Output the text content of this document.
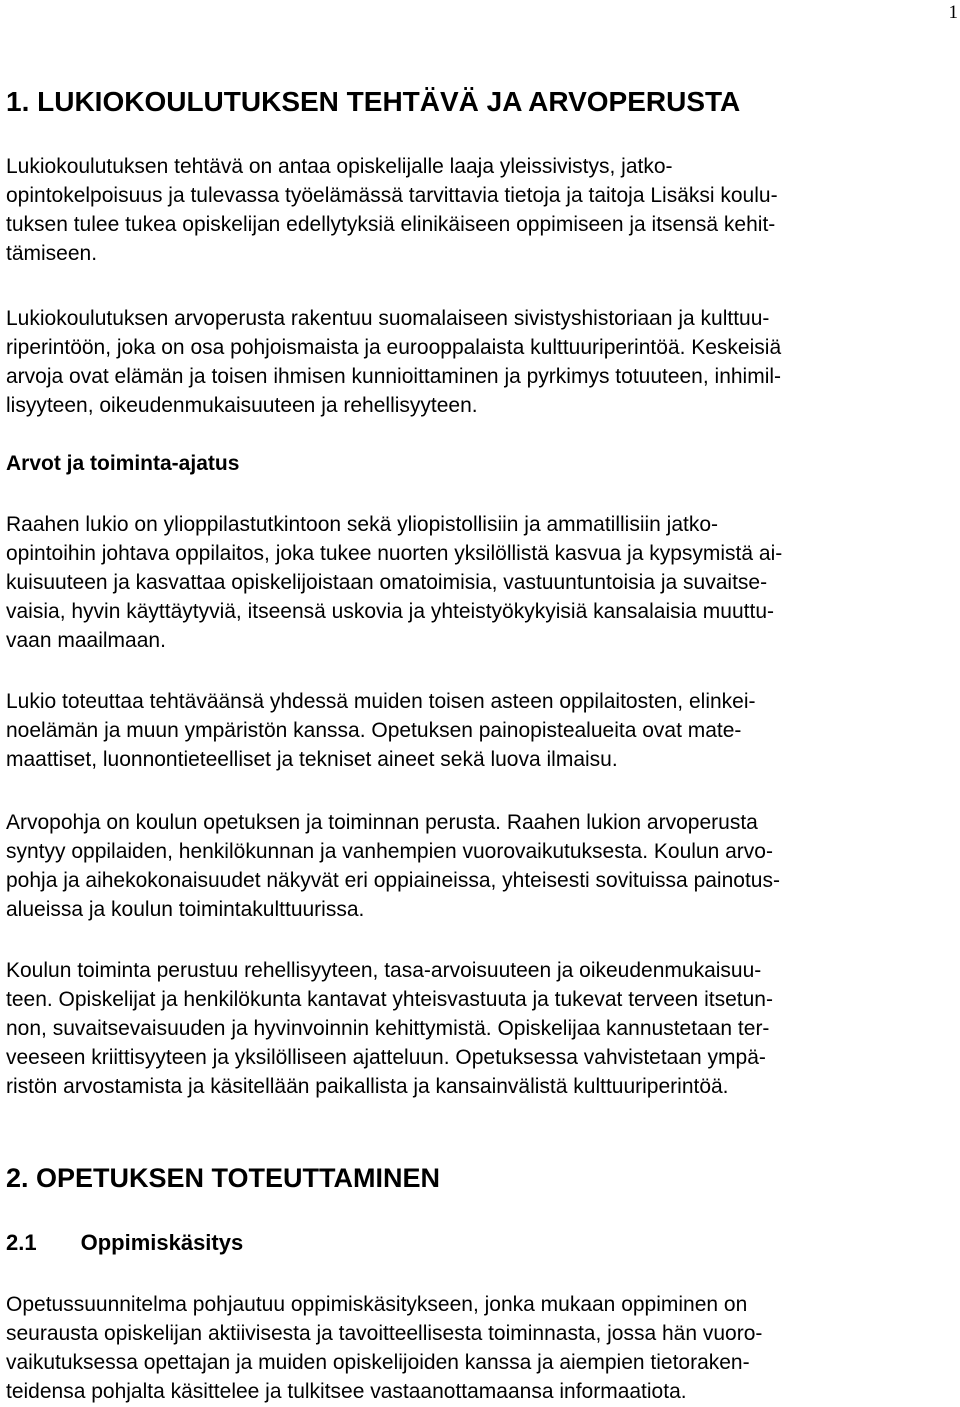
1
1. LUKIOKOULUTUKSEN TEHTÄVÄ JA ARVOPERUSTA
Lukiokoulutuksen tehtävä on antaa opiskelijalle laaja yleissivistys, jatko-
opintokelpoisuus ja tulevassa työelämässä tarvittavia tietoja ja taitoja Lisäksi koulu-
tuksen tulee tukea opiskelijan edellytyksiä elinikäiseen oppimiseen ja itsensä kehit-
tämiseen.
Lukiokoulutuksen arvoperusta rakentuu suomalaiseen sivistyshistoriaan ja kulttuu-
riperintöön, joka on osa pohjoismaista ja eurooppalaista kulttuuriperintöä. Keskeisiä
arvoja ovat elämän ja toisen ihmisen kunnioittaminen ja pyrkimys totuuteen, inhimil-
lisyyteen, oikeudenmukaisuuteen ja rehellisyyteen.
Arvot ja toiminta-ajatus
Raahen lukio on ylioppilastutkintoon sekä yliopistollisiin ja ammatillisiin jatko-
opintoihin johtava oppilaitos, joka tukee nuorten yksilöllistä kasvua ja kypsymistä ai-
kuisuuteen ja kasvattaa opiskelijoistaan omatoimisia, vastuuntuntoisia ja suvaitse-
vaisia, hyvin käyttäytyviä, itseensä uskovia ja yhteistyökykyisiä kansalaisia muuttu-
vaan maailmaan.
Lukio toteuttaa tehtäväänsä yhdessä muiden toisen asteen oppilaitosten, elinkei-
noelämän ja muun ympäristön kanssa. Opetuksen painopistealueita ovat mate-
maattiset, luonnontieteelliset ja tekniset aineet sekä luova ilmaisu.
Arvopohja on koulun opetuksen ja toiminnan perusta. Raahen lukion arvoperusta
syntyy oppilaiden, henkilökunnan ja vanhempien vuorovaikutuksesta. Koulun arvo-
pohja ja aihekokonaisuudet näkyvät eri oppiaineissa, yhteisesti sovituissa painotus-
alueissa ja koulun toimintakulttuurissa.
Koulun toiminta perustuu rehellisyyteen, tasa-arvoisuuteen ja oikeudenmukaisuu-
teen. Opiskelijat ja henkilökunta kantavat yhteisvastuuta ja tukevat terveen itsetun-
non, suvaitsevaisuuden ja hyvinvoinnin kehittymistä. Opiskelijaa kannustetaan ter-
veeseen kriittisyyteen ja yksilölliseen ajatteluun. Opetuksessa vahvistetaan ympä-
ristön arvostamista ja käsitellään paikallista ja kansainvälistä kulttuuriperintöä.
2. OPETUKSEN TOTEUTTAMINEN
2.1 Oppimiskäsitys
Opetussuunnitelma pohjautuu oppimiskäsitykseen, jonka mukaan oppiminen on
seurausta opiskelijan aktiivisesta ja tavoitteellisesta toiminnasta, jossa hän vuoro-
vaikutuksessa opettajan ja muiden opiskelijoiden kanssa ja aiempien tietoraken-
teidensa pohjalta käsittelee ja tulkitsee vastaanottamaansa informaatiota.
